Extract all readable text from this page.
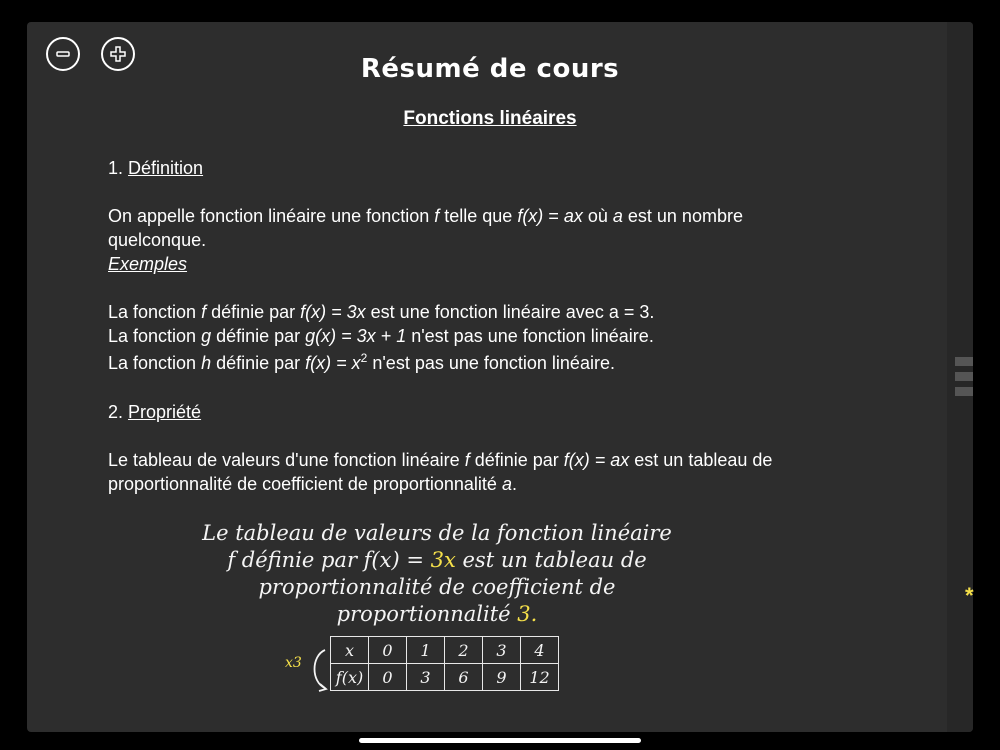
Résumé de cours
Fonctions linéaires
1. Définition
On appelle fonction linéaire une fonction f telle que f(x) = ax où a est un nombre
quelconque.
Exemples
La fonction f définie par f(x) = 3x est une fonction linéaire avec a = 3.
La fonction g définie par g(x) = 3x + 1 n'est pas une fonction linéaire.
La fonction h définie par $f(x) = x^2$ n'est pas une fonction linéaire.
2. Propriété
Le tableau de valeurs d'une fonction linéaire f définie par f(x) = ax est un tableau de
proportionnalité de coefficient de proportionnalité a.
Le tableau de valeurs de la fonction linéaire
f définie par f(x) = 3x est un tableau de
proportionnalité de coefficient de
proportionnalité 3.
x3
x	0	1	2	3	4
f(x)	0	3	6	9	12
*
